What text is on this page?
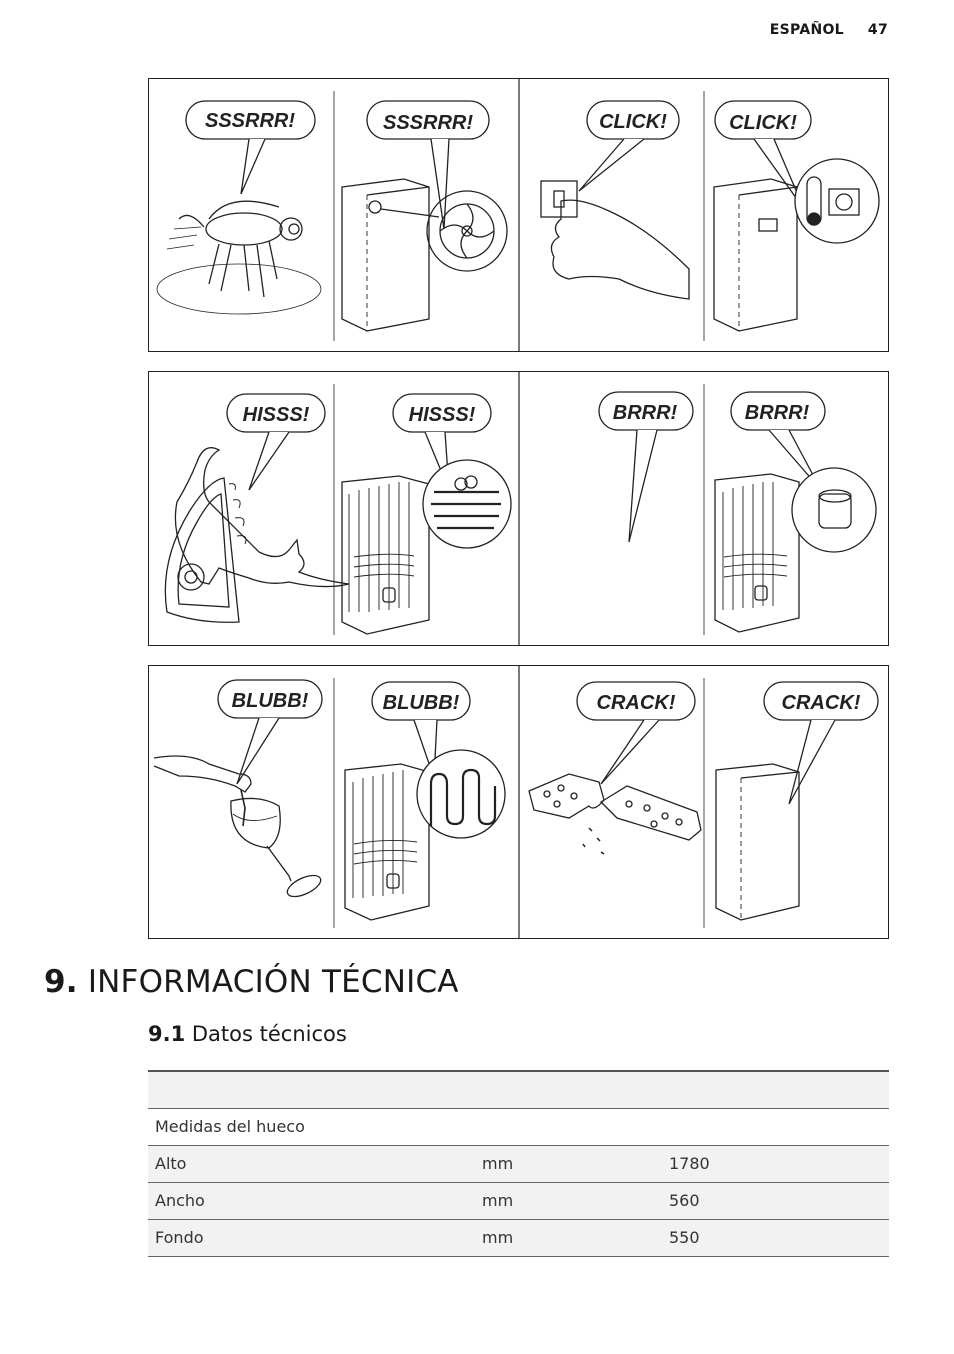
ESPAÑOL 47
SSSRRR!	SSSRRR!	CLICK!	CLICK!
HISSS!	HISSS!	BRRR!	BRRR!
BLUBB!	BLUBB!	CRACK!	CRACK!
9. INFORMACIÓN TÉCNICA
9.1 Datos técnicos

Medidas del hueco		
Alto	mm	1780
Ancho	mm	560
Fondo	mm	550
